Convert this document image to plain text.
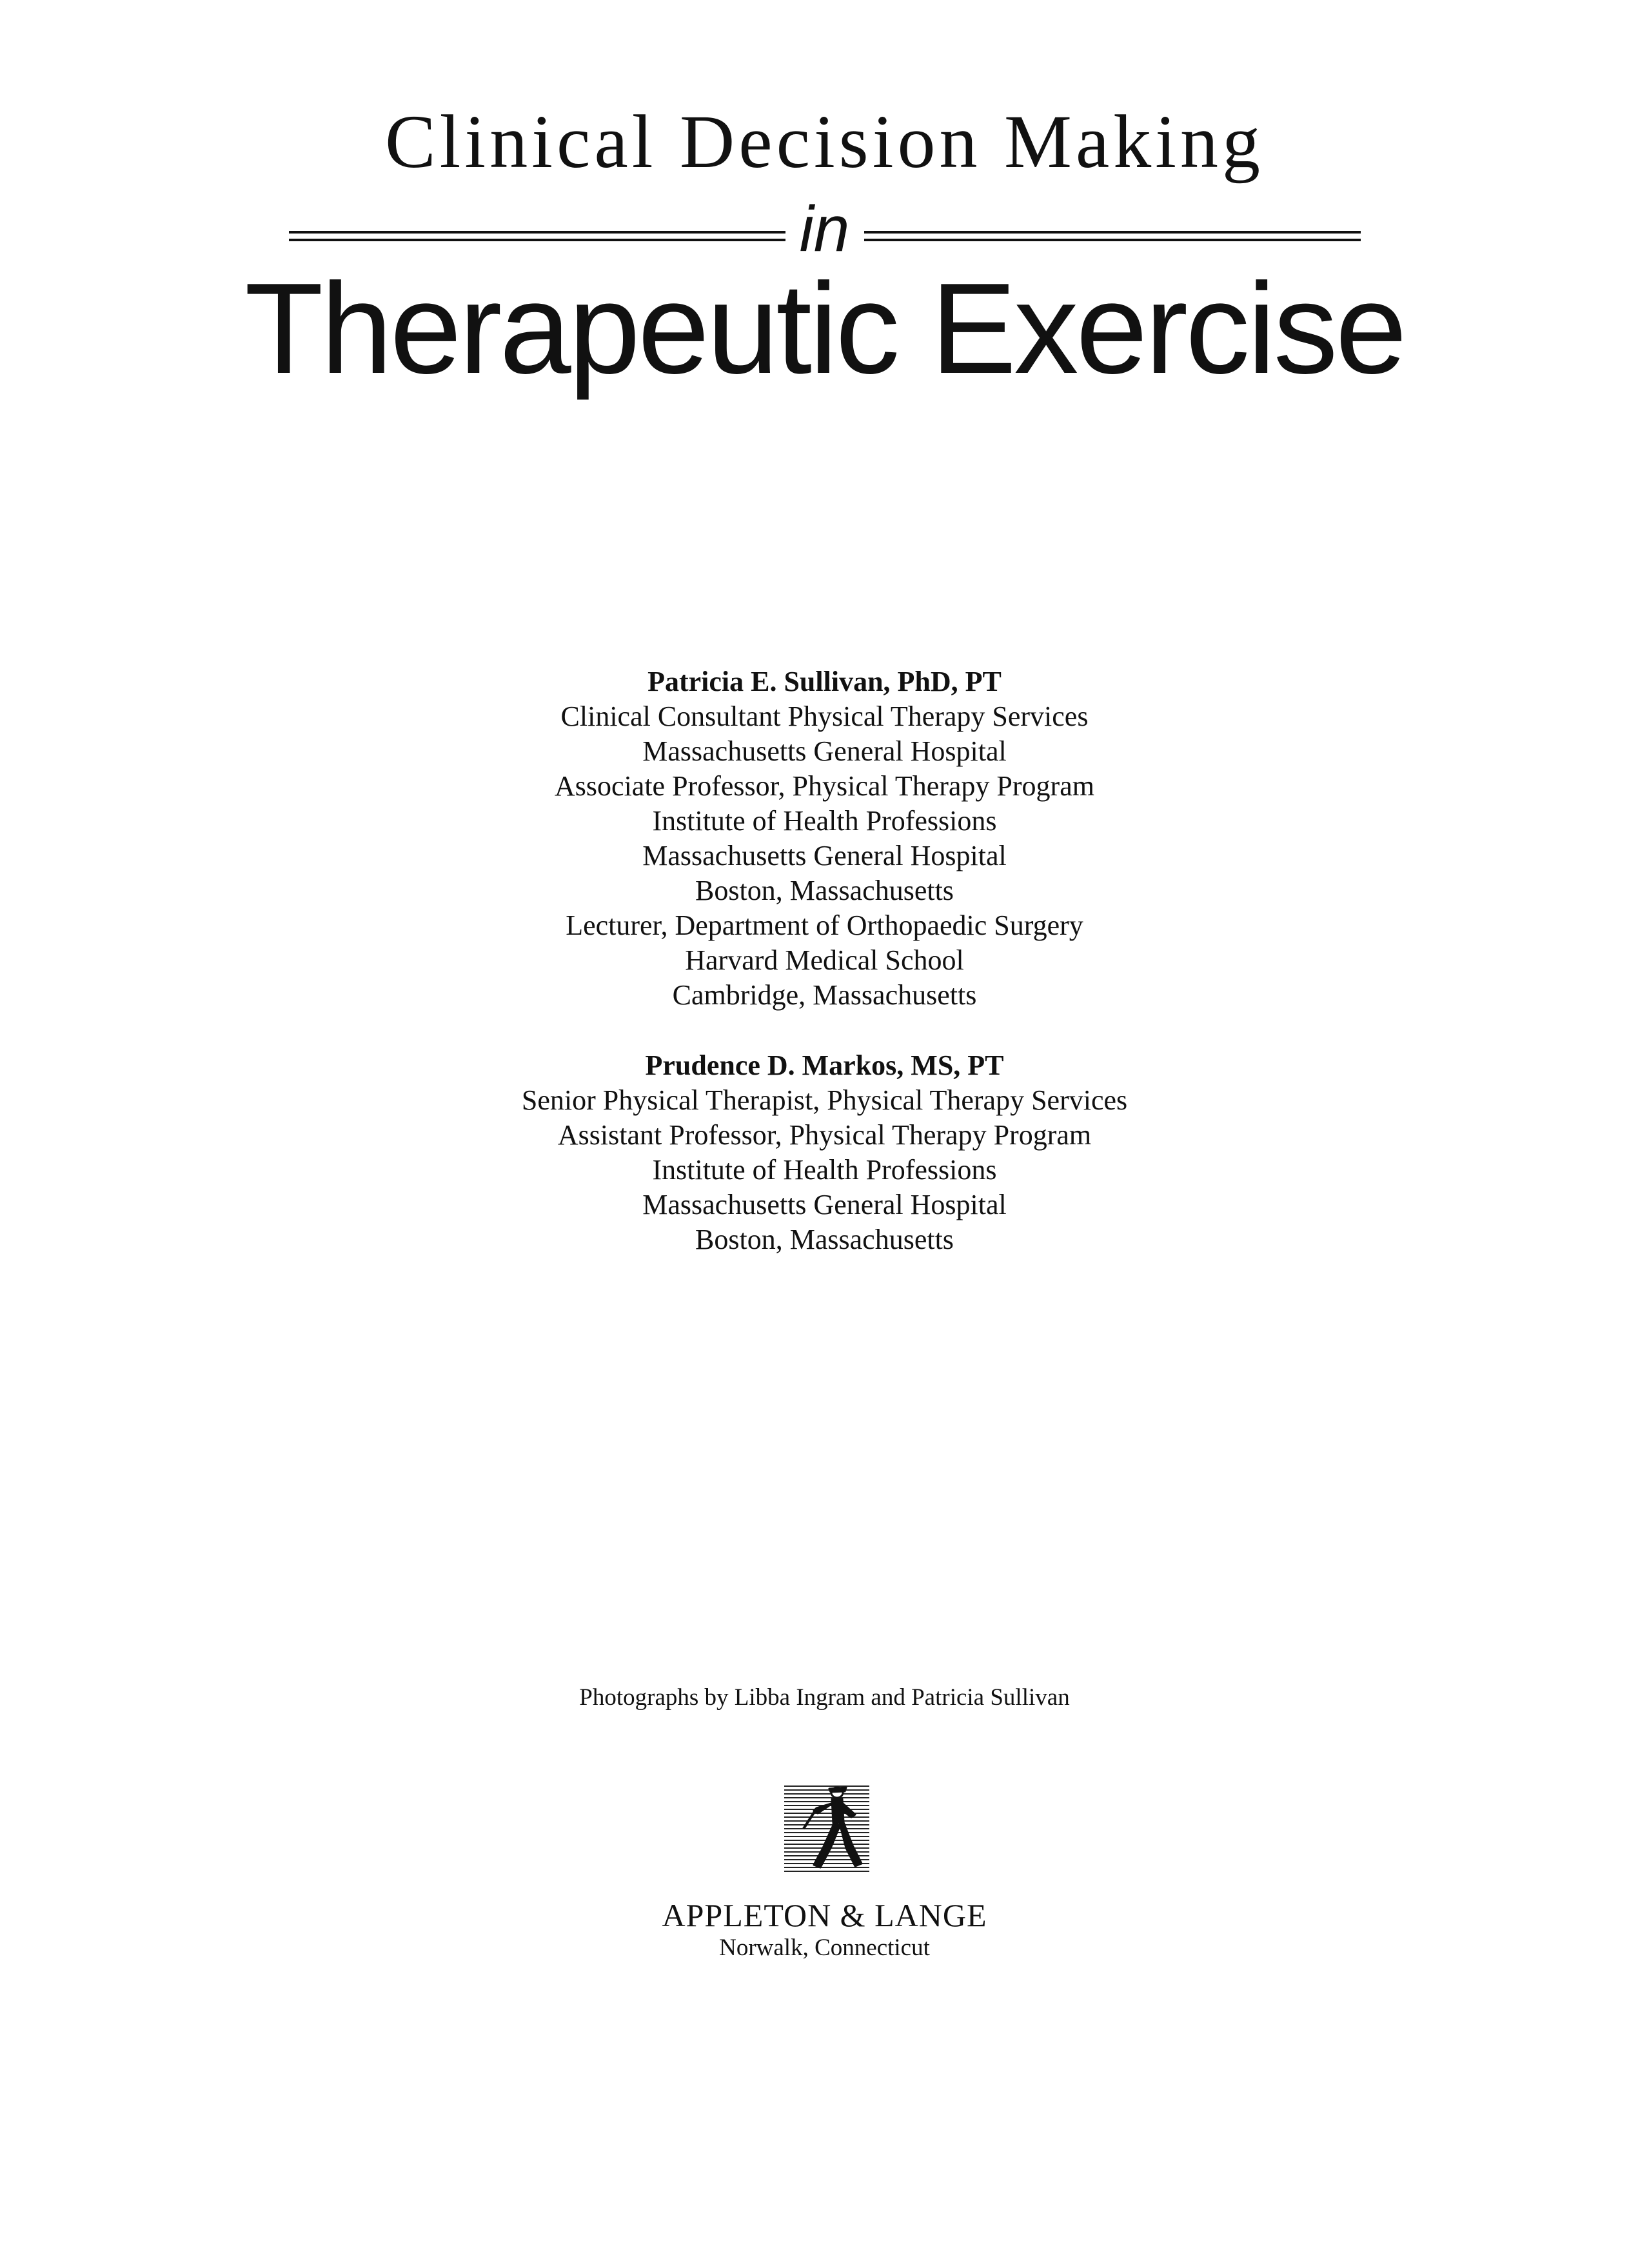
Clinical Decision Making
in
Therapeutic Exercise
Patricia E. Sullivan, PhD, PT
Clinical Consultant Physical Therapy Services
Massachusetts General Hospital
Associate Professor, Physical Therapy Program
Institute of Health Professions
Massachusetts General Hospital
Boston, Massachusetts
Lecturer, Department of Orthopaedic Surgery
Harvard Medical School
Cambridge, Massachusetts
Prudence D. Markos, MS, PT
Senior Physical Therapist, Physical Therapy Services
Assistant Professor, Physical Therapy Program
Institute of Health Professions
Massachusetts General Hospital
Boston, Massachusetts
Photographs by Libba Ingram and Patricia Sullivan
APPLETON & LANGE
Norwalk, Connecticut
